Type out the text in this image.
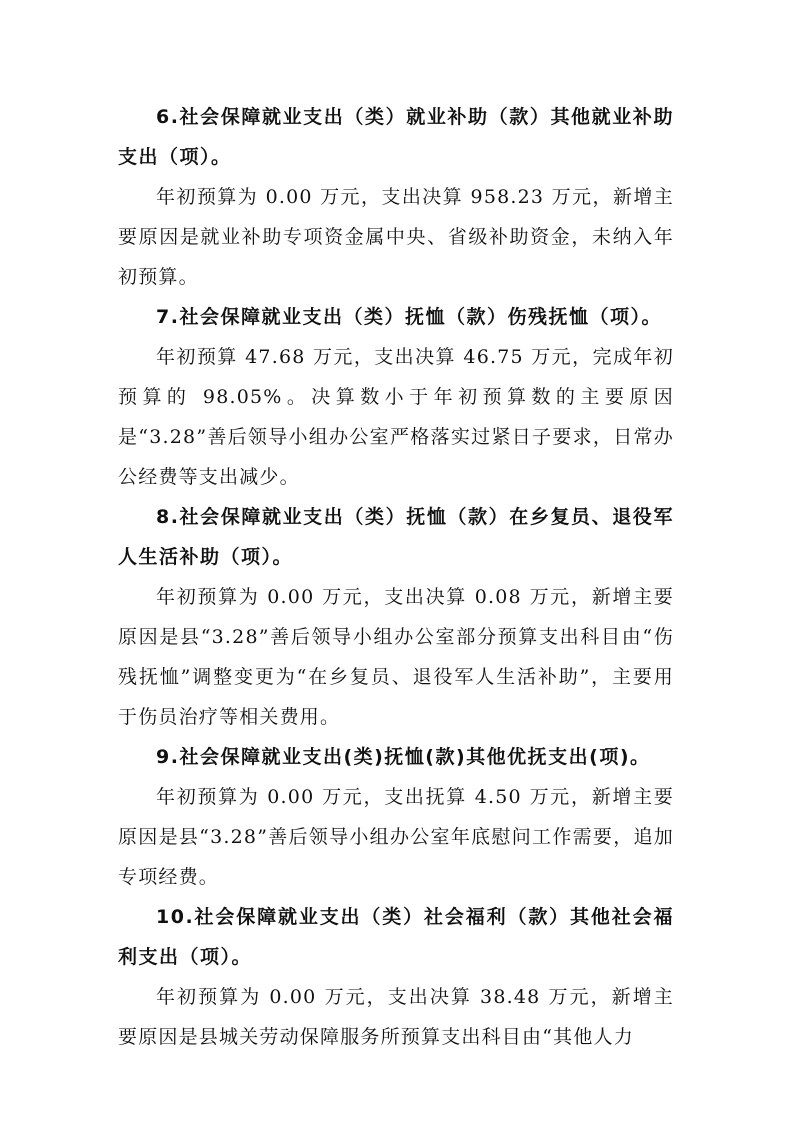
6.社会保障就业支出（类）就业补助（款）其他就业补助支出（项）。

年初预算为 0.00 万元，支出决算 958.23 万元，新增主要原因是就业补助专项资金属中央、省级补助资金，未纳入年初预算。

7.社会保障就业支出（类）抚恤（款）伤残抚恤（项）。

年初预算 47.68 万元，支出决算 46.75 万元，完成年初预算的 98.05%。决算数小于年初预算数的主要原因是“3.28”善后领导小组办公室严格落实过紧日子要求，日常办公经费等支出减少。

8.社会保障就业支出（类）抚恤（款）在乡复员、退役军人生活补助（项）。

年初预算为 0.00 万元，支出决算 0.08 万元，新增主要原因是县“3.28”善后领导小组办公室部分预算支出科目由“伤残抚恤”调整变更为“在乡复员、退役军人生活补助”，主要用于伤员治疗等相关费用。

9.社会保障就业支出(类)抚恤(款)其他优抚支出(项)。

年初预算为 0.00 万元，支出抚算 4.50 万元，新增主要原因是县“3.28”善后领导小组办公室年底慰问工作需要，追加专项经费。

10.社会保障就业支出（类）社会福利（款）其他社会福利支出（项）。

年初预算为 0.00 万元，支出决算 38.48 万元，新增主要原因是县城关劳动保障服务所预算支出科目由“其他人力
